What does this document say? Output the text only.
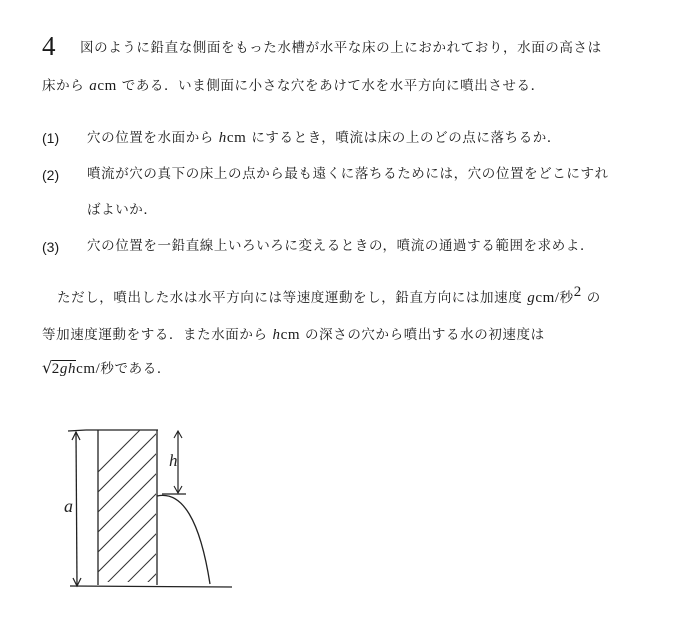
4 図のように鉛直な側面をもった水槽が水平な床の上におかれており，水面の高さは
床から acm である．いま側面に小さな穴をあけて水を水平方向に噴出させる．
(1) 穴の位置を水面から hcm にするとき，噴流は床の上のどの点に落ちるか．
(2) 噴流が穴の真下の床上の点から最も遠くに落ちるためには，穴の位置をどこにすれ
ばよいか．
(3) 穴の位置を一鉛直線上いろいろに変えるときの，噴流の通過する範囲を求めよ．
ただし，噴出した水は水平方向には等速度運動をし，鉛直方向には加速度 gcm/秒$^2$ の
等加速度運動をする．また水面から hcm の深さの穴から噴出する水の初速度は
√2ghcm/秒である．
a
h
